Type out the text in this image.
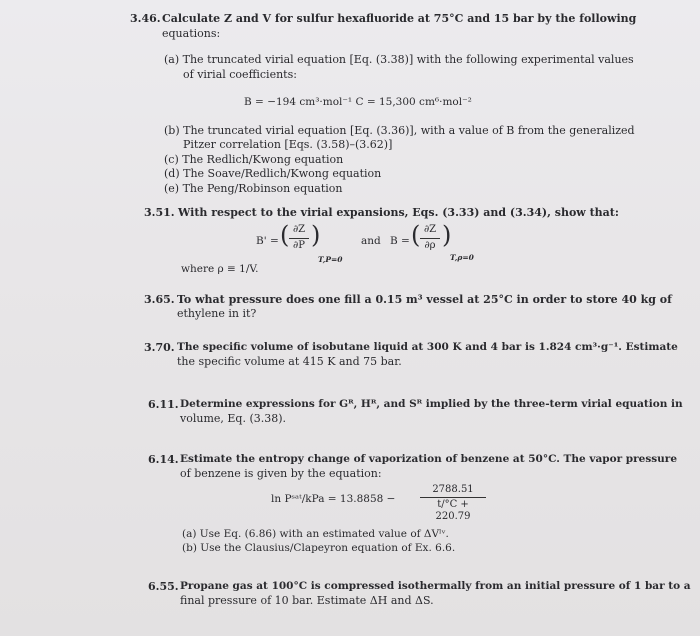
3.46. Calculate Z and V for sulfur hexafluoride at 75°C and 15 bar by the following
equations:
(a) The truncated virial equation [Eq. (3.38)] with the following experimental values
of virial coefficients:
B = −194 cm³·mol⁻¹ C = 15,300 cm⁶·mol⁻²
(b) The truncated virial equation [Eq. (3.36)], with a value of B from the generalized
Pitzer correlation [Eqs. (3.58)–(3.62)]
(c) The Redlich/Kwong equation
(d) The Soave/Redlich/Kwong equation
(e) The Peng/Robinson equation
3.51. With respect to the virial expansions, Eqs. (3.33) and (3.34), show that:
B' = ( ∂Z
∂P )
T,P=0
and B = ( ∂Z
∂ρ )
T,ρ=0
where ρ ≡ 1/V.
3.65. To what pressure does one fill a 0.15 m³ vessel at 25°C in order to store 40 kg of
ethylene in it?
3.70. The specific volume of isobutane liquid at 300 K and 4 bar is 1.824 cm³·g⁻¹. Estimate
the specific volume at 415 K and 75 bar.
6.11. Determine expressions for Gᴿ, Hᴿ, and Sᴿ implied by the three-term virial equation in
volume, Eq. (3.38).
6.14. Estimate the entropy change of vaporization of benzene at 50°C. The vapor pressure
of benzene is given by the equation:
ln Pˢᵃᵗ/kPa = 13.8858 −
2788.51
t/°C + 220.79
(a) Use Eq. (6.86) with an estimated value of ΔVˡᵛ.
(b) Use the Clausius/Clapeyron equation of Ex. 6.6.
6.55. Propane gas at 100°C is compressed isothermally from an initial pressure of 1 bar to a
final pressure of 10 bar. Estimate ΔH and ΔS.
